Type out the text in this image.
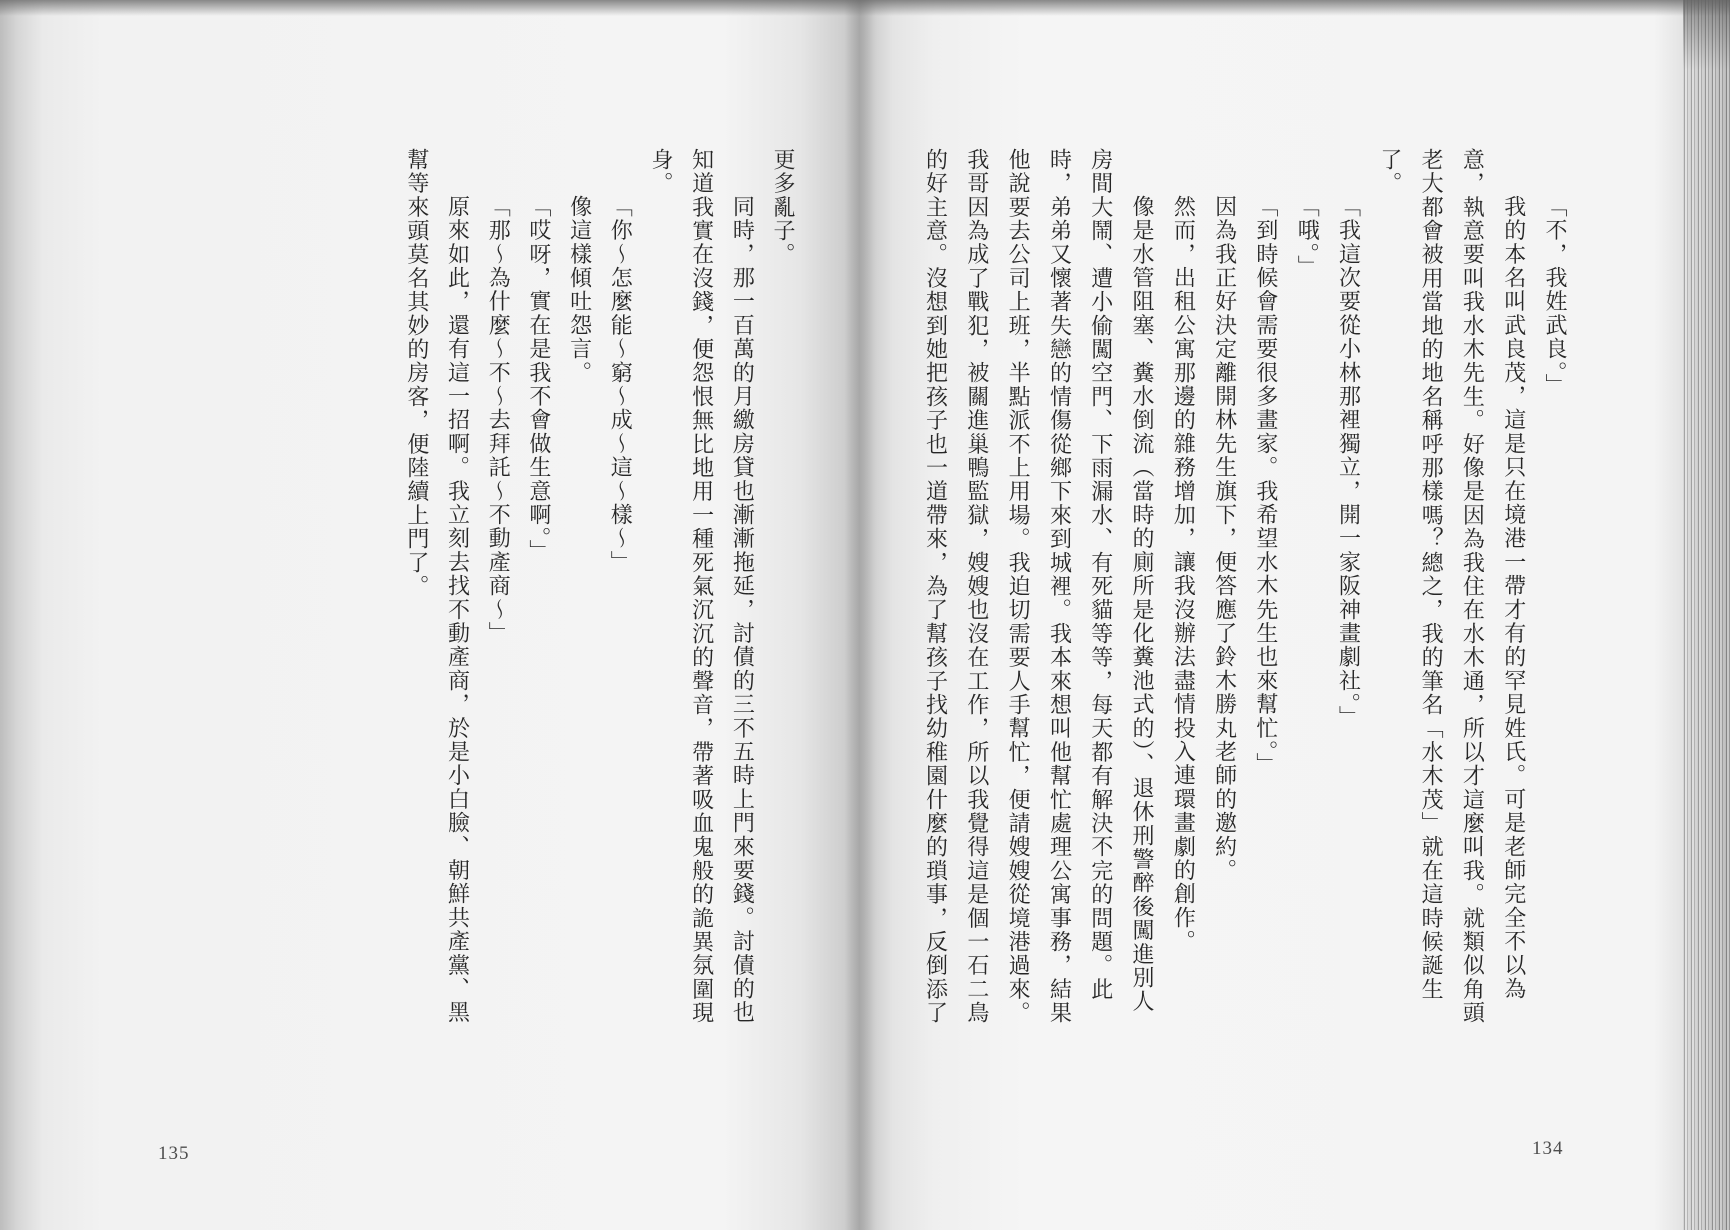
更多亂子。
同時，那一百萬的月繳房貸也漸漸拖延，討債的三不五時上門來要錢。討債的也
知道我實在沒錢，便怨恨無比地用一種死氣沉沉的聲音，帶著吸血鬼般的詭異氛圍現
身。
「你～怎麼能～窮～成～這～樣～」
像這樣傾吐怨言。
「哎呀，實在是我不會做生意啊。」
「那～為什麼～不～去拜託～不動產商～」
原來如此，還有這一招啊。我立刻去找不動產商，於是小白臉、朝鮮共產黨、黑
幫等來頭莫名其妙的房客，便陸續上門了。
135
「不，我姓武良。」
我的本名叫武良茂，這是只在境港一帶才有的罕見姓氏。可是老師完全不以為
意，執意要叫我水木先生。好像是因為我住在水木通，所以才這麼叫我。就類似角頭
老大都會被用當地的地名稱呼那樣嗎？總之，我的筆名「水木茂」就在這時候誕生
了。
「我這次要從小林那裡獨立，開一家阪神畫劇社。」
「哦。」
「到時候會需要很多畫家。我希望水木先生也來幫忙。」
因為我正好決定離開林先生旗下，便答應了鈴木勝丸老師的邀約。
然而，出租公寓那邊的雜務增加，讓我沒辦法盡情投入連環畫劇的創作。
像是水管阻塞、糞水倒流（當時的廁所是化糞池式的）、退休刑警醉後闖進別人
房間大鬧、遭小偷闖空門、下雨漏水、有死貓等等，每天都有解決不完的問題。此
時，弟弟又懷著失戀的情傷從鄉下來到城裡。我本來想叫他幫忙處理公寓事務，結果
他說要去公司上班，半點派不上用場。我迫切需要人手幫忙，便請嫂嫂從境港過來。
我哥因為成了戰犯，被關進巢鴨監獄，嫂嫂也沒在工作，所以我覺得這是個一石二鳥
的好主意。沒想到她把孩子也一道帶來，為了幫孩子找幼稚園什麼的瑣事，反倒添了
134
